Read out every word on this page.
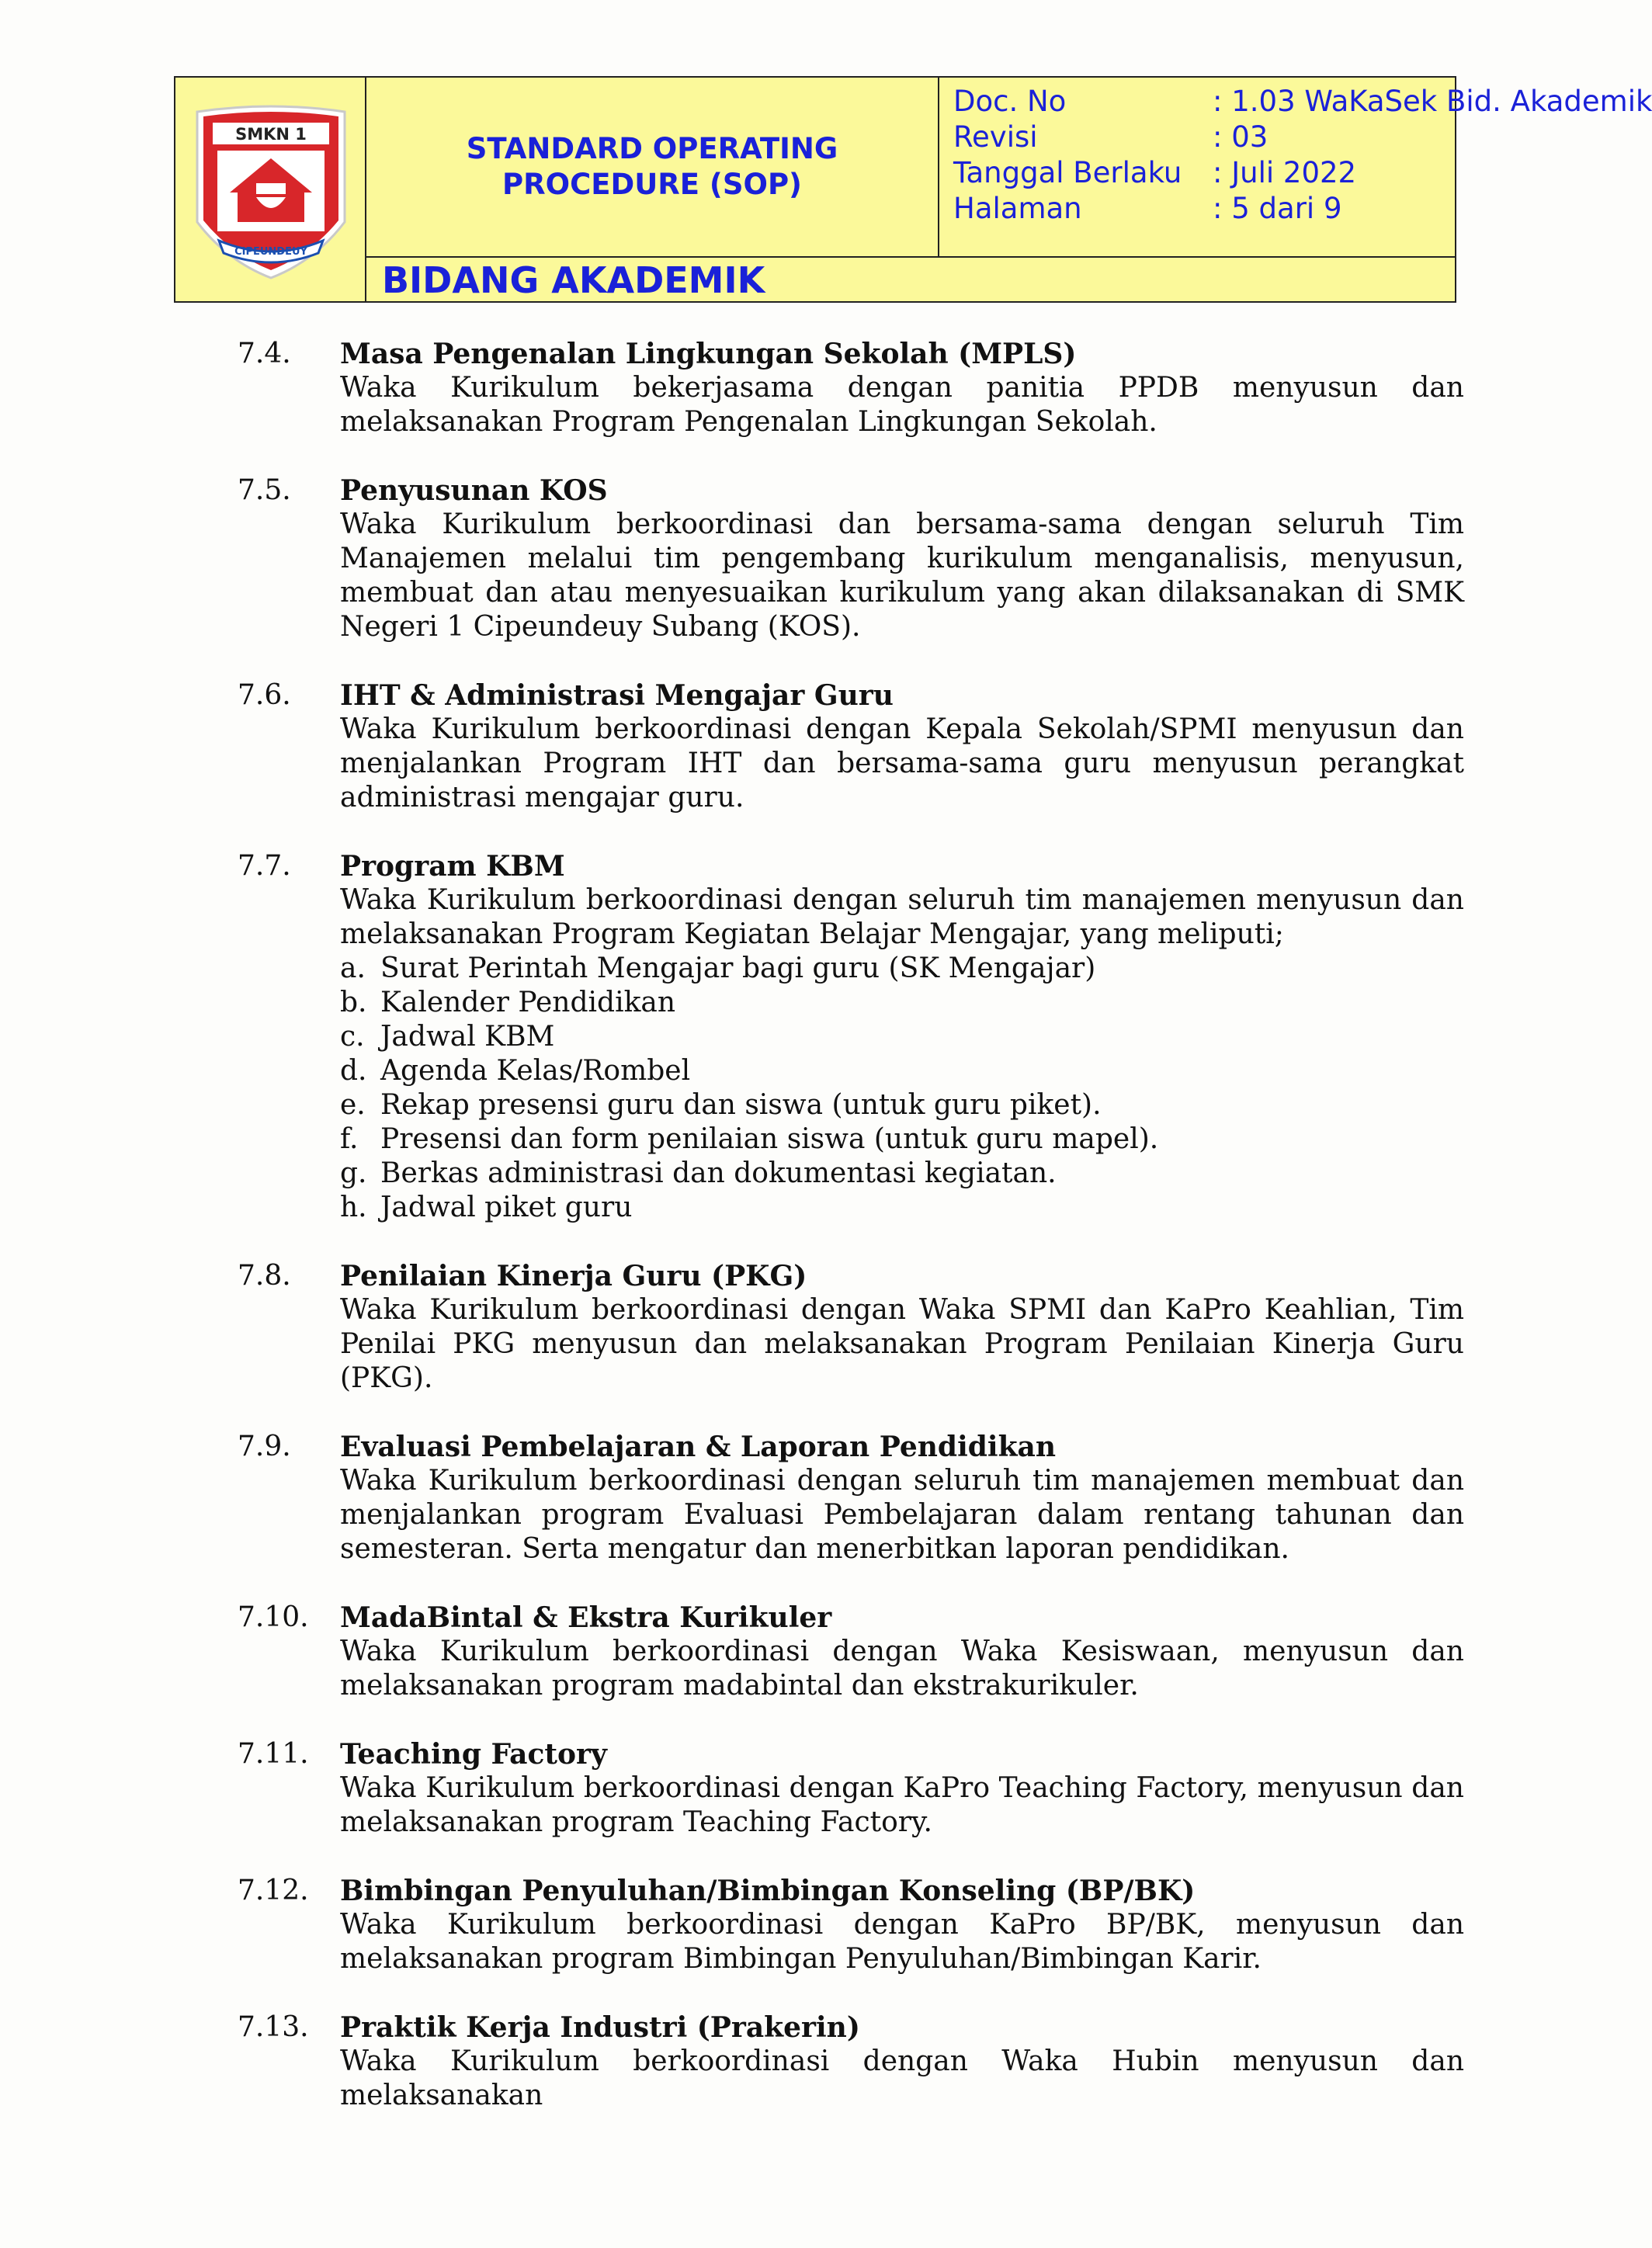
SMKN 1
CIPEUNDEUY
STANDARD OPERATING
PROCEDURE (SOP)
Doc. No	: 1.03 WaKaSek Bid. Akademik
Revisi	: 03
Tanggal Berlaku : Juli 2022
Halaman	: 5 dari 9
BIDANG AKADEMIK
7.4.	Masa Pengenalan Lingkungan Sekolah (MPLS)
Waka Kurikulum bekerjasama dengan panitia PPDB menyusun dan melaksanakan Program Pengenalan Lingkungan Sekolah.
7.5.	Penyusunan KOS
Waka Kurikulum berkoordinasi dan bersama-sama dengan seluruh Tim Manajemen melalui tim pengembang kurikulum menganalisis, menyusun, membuat dan atau menyesuaikan kurikulum yang akan dilaksanakan di SMK Negeri 1 Cipeundeuy Subang (KOS).
7.6.	IHT & Administrasi Mengajar Guru
Waka Kurikulum berkoordinasi dengan Kepala Sekolah/SPMI menyusun dan menjalankan Program IHT dan bersama-sama guru menyusun perangkat administrasi mengajar guru.
7.7.	Program KBM
Waka Kurikulum berkoordinasi dengan seluruh tim manajemen menyusun dan melaksanakan Program Kegiatan Belajar Mengajar, yang meliputi;
a. Surat Perintah Mengajar bagi guru (SK Mengajar)
b. Kalender Pendidikan
c. Jadwal KBM
d. Agenda Kelas/Rombel
e. Rekap presensi guru dan siswa (untuk guru piket).
f. Presensi dan form penilaian siswa (untuk guru mapel).
g. Berkas administrasi dan dokumentasi kegiatan.
h. Jadwal piket guru
7.8.	Penilaian Kinerja Guru (PKG)
Waka Kurikulum berkoordinasi dengan Waka SPMI dan KaPro Keahlian, Tim Penilai PKG menyusun dan melaksanakan Program Penilaian Kinerja Guru (PKG).
7.9.	Evaluasi Pembelajaran & Laporan Pendidikan
Waka Kurikulum berkoordinasi dengan seluruh tim manajemen membuat dan menjalankan program Evaluasi Pembelajaran dalam rentang tahunan dan semesteran. Serta mengatur dan menerbitkan laporan pendidikan.
7.10.	MadaBintal & Ekstra Kurikuler
Waka Kurikulum berkoordinasi dengan Waka Kesiswaan, menyusun dan melaksanakan program madabintal dan ekstrakurikuler.
7.11.	Teaching Factory
Waka Kurikulum berkoordinasi dengan KaPro Teaching Factory, menyusun dan melaksanakan program Teaching Factory.
7.12.	Bimbingan Penyuluhan/Bimbingan Konseling (BP/BK)
Waka Kurikulum berkoordinasi dengan KaPro BP/BK, menyusun dan melaksanakan program Bimbingan Penyuluhan/Bimbingan Karir.
7.13.	Praktik Kerja Industri (Prakerin)
Waka Kurikulum berkoordinasi dengan Waka Hubin menyusun dan melaksanakan
